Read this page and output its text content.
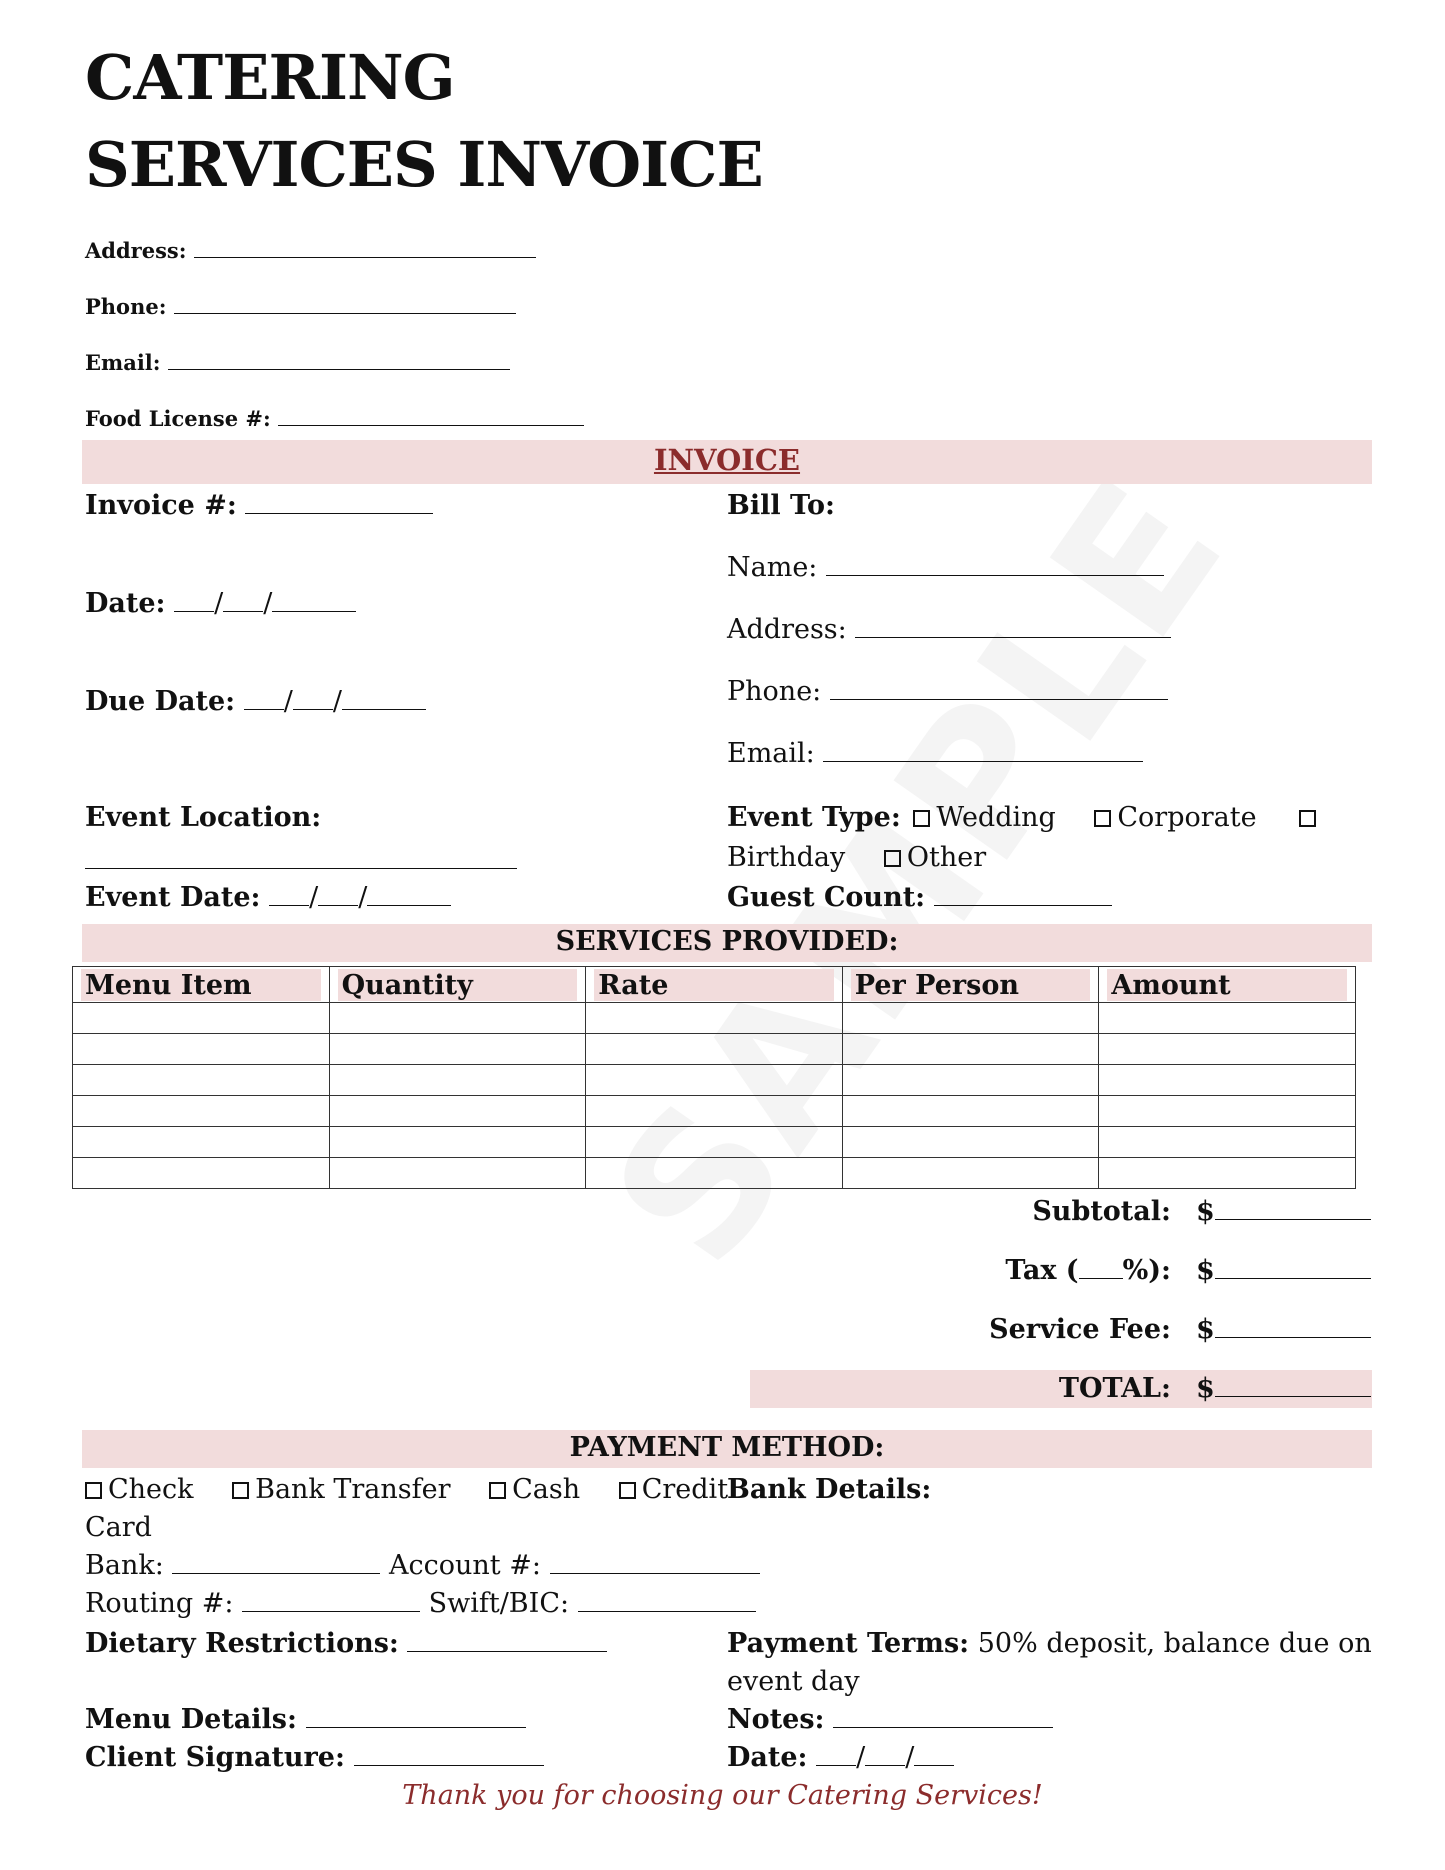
CATERING
SERVICES INVOICE
Address:
Phone:
Email:
Food License #:
INVOICE
Invoice #:
Date: / /
Due Date: / /
Event Location:
Event Date: / /
Bill To:
Name:
Address:
Phone:
Email:
Event Type: Wedding Corporate
Birthday Other
Guest Count:
SERVICES PROVIDED:
Menu Item	Quantity	Rate	Per Person	Amount

Subtotal: $
Tax ( %): $
Service Fee: $
TOTAL: $
PAYMENT METHOD:
Check Bank Transfer Cash Credit
Card
Bank Details:
Bank:	Account #:
Routing #:	Swift/BIC:
Dietary Restrictions:	Payment Terms: 50% deposit, balance due on
event day
Menu Details:	Notes:
Client Signature:	Date: / /
Thank you for choosing our Catering Services!
